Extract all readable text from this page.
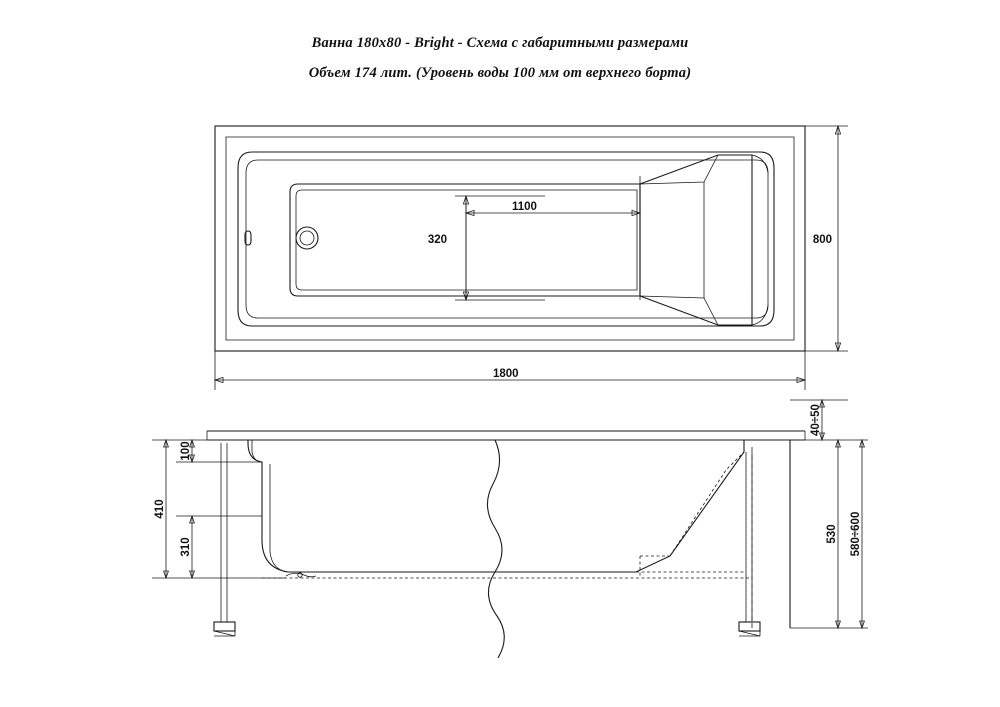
Ванна 180х80 - Bright - Схема с габаритными размерами
Объем 174 лит. (Уровень воды 100 мм от верхнего борта)
1100
320	800
1800
100
310
410
40÷50
530 580÷600
